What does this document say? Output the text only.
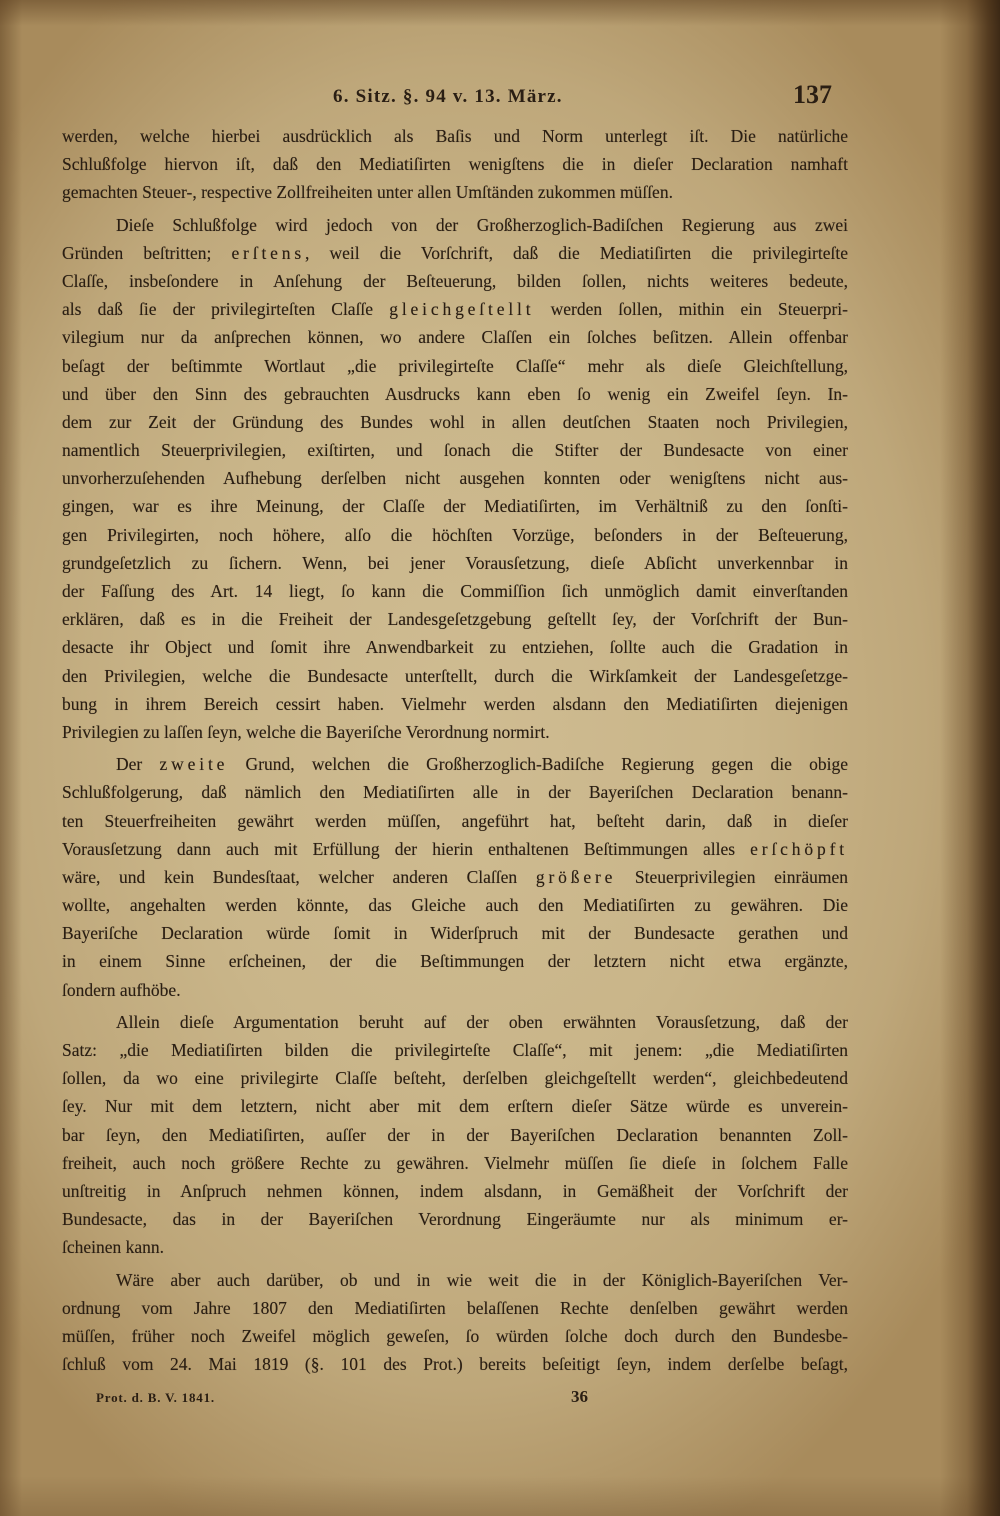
6. Sitz. §. 94 v. 13. März.	137
werden, welche hierbei ausdrücklich als Baſis und Norm unterlegt iſt. Die natürliche
Schlußfolge hiervon iſt, daß den Mediatiſirten wenigſtens die in dieſer Declaration namhaft
gemachten Steuer-, respective Zollfreiheiten unter allen Umſtänden zukommen müſſen.
Dieſe Schlußfolge wird jedoch von der Großherzoglich-Badiſchen Regierung aus zwei
Gründen beſtritten; erſtens, weil die Vorſchrift, daß die Mediatiſirten die privilegirteſte
Claſſe, insbeſondere in Anſehung der Beſteuerung, bilden ſollen, nichts weiteres bedeute,
als daß ſie der privilegirteſten Claſſe gleichgeſtellt werden ſollen, mithin ein Steuerpri-
vilegium nur da anſprechen können, wo andere Claſſen ein ſolches beſitzen. Allein offenbar
beſagt der beſtimmte Wortlaut „die privilegirteſte Claſſe“ mehr als dieſe Gleichſtellung,
und über den Sinn des gebrauchten Ausdrucks kann eben ſo wenig ein Zweifel ſeyn. In-
dem zur Zeit der Gründung des Bundes wohl in allen deutſchen Staaten noch Privilegien,
namentlich Steuerprivilegien, exiſtirten, und ſonach die Stifter der Bundesacte von einer
unvorherzuſehenden Aufhebung derſelben nicht ausgehen konnten oder wenigſtens nicht aus-
gingen, war es ihre Meinung, der Claſſe der Mediatiſirten, im Verhältniß zu den ſonſti-
gen Privilegirten, noch höhere, alſo die höchſten Vorzüge, beſonders in der Beſteuerung,
grundgeſetzlich zu ſichern. Wenn, bei jener Vorausſetzung, dieſe Abſicht unverkennbar in
der Faſſung des Art. 14 liegt, ſo kann die Commiſſion ſich unmöglich damit einverſtanden
erklären, daß es in die Freiheit der Landesgeſetzgebung geſtellt ſey, der Vorſchrift der Bun-
desacte ihr Object und ſomit ihre Anwendbarkeit zu entziehen, ſollte auch die Gradation in
den Privilegien, welche die Bundesacte unterſtellt, durch die Wirkſamkeit der Landesgeſetzge-
bung in ihrem Bereich cessirt haben. Vielmehr werden alsdann den Mediatiſirten diejenigen
Privilegien zu laſſen ſeyn, welche die Bayeriſche Verordnung normirt.
Der zweite Grund, welchen die Großherzoglich-Badiſche Regierung gegen die obige
Schlußfolgerung, daß nämlich den Mediatiſirten alle in der Bayeriſchen Declaration benann-
ten Steuerfreiheiten gewährt werden müſſen, angeführt hat, beſteht darin, daß in dieſer
Vorausſetzung dann auch mit Erfüllung der hierin enthaltenen Beſtimmungen alles erſchöpft
wäre, und kein Bundesſtaat, welcher anderen Claſſen größere Steuerprivilegien einräumen
wollte, angehalten werden könnte, das Gleiche auch den Mediatiſirten zu gewähren. Die
Bayeriſche Declaration würde ſomit in Widerſpruch mit der Bundesacte gerathen und
in einem Sinne erſcheinen, der die Beſtimmungen der letztern nicht etwa ergänzte,
ſondern aufhöbe.
Allein dieſe Argumentation beruht auf der oben erwähnten Vorausſetzung, daß der
Satz: „die Mediatiſirten bilden die privilegirteſte Claſſe“, mit jenem: „die Mediatiſirten
ſollen, da wo eine privilegirte Claſſe beſteht, derſelben gleichgeſtellt werden“, gleichbedeutend
ſey. Nur mit dem letztern, nicht aber mit dem erſtern dieſer Sätze würde es unverein-
bar ſeyn, den Mediatiſirten, auſſer der in der Bayeriſchen Declaration benannten Zoll-
freiheit, auch noch größere Rechte zu gewähren. Vielmehr müſſen ſie dieſe in ſolchem Falle
unſtreitig in Anſpruch nehmen können, indem alsdann, in Gemäßheit der Vorſchrift der
Bundesacte, das in der Bayeriſchen Verordnung Eingeräumte nur als minimum er-
ſcheinen kann.
Wäre aber auch darüber, ob und in wie weit die in der Königlich-Bayeriſchen Ver-
ordnung vom Jahre 1807 den Mediatiſirten belaſſenen Rechte denſelben gewährt werden
müſſen, früher noch Zweifel möglich geweſen, ſo würden ſolche doch durch den Bundesbe-
ſchluß vom 24. Mai 1819 (§. 101 des Prot.) bereits beſeitigt ſeyn, indem derſelbe beſagt,
Prot. d. B. V. 1841.	36
